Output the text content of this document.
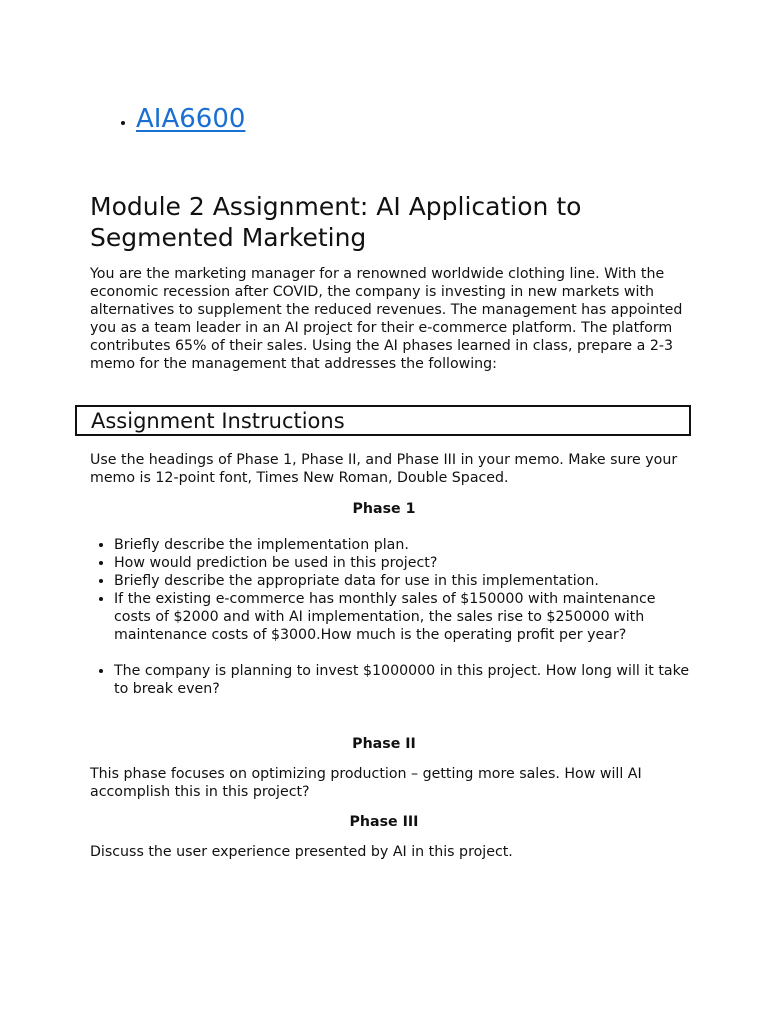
• AIA6600
Module 2 Assignment: AI Application to Segmented Marketing

You are the marketing manager for a renowned worldwide clothing line. With the economic recession after COVID, the company is investing in new markets with alternatives to supplement the reduced revenues. The management has appointed you as a team leader in an AI project for their e-commerce platform. The platform contributes 65% of their sales. Using the AI phases learned in class, prepare a 2-3 memo for the management that addresses the following:

Assignment Instructions

Use the headings of Phase 1, Phase II, and Phase III in your memo. Make sure your memo is 12-point font, Times New Roman, Double Spaced.

Phase 1

• Briefly describe the implementation plan.
• How would prediction be used in this project?
• Briefly describe the appropriate data for use in this implementation.
• If the existing e-commerce has monthly sales of $150000 with maintenance costs of $2000 and with AI implementation, the sales rise to $250000 with maintenance costs of $3000.How much is the operating profit per year?
• The company is planning to invest $1000000 in this project. How long will it take to break even?

Phase II

This phase focuses on optimizing production – getting more sales. How will AI accomplish this in this project?

Phase III

Discuss the user experience presented by AI in this project.
